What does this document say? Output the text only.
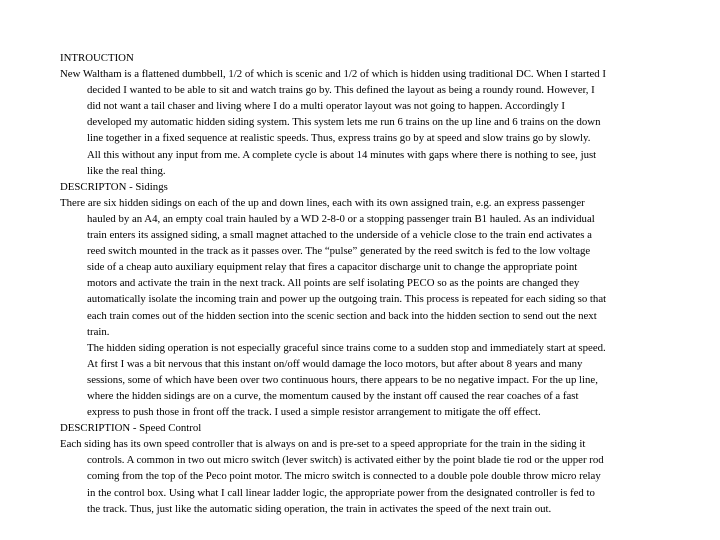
INTROUCTION
New Waltham is a flattened dumbbell, 1/2 of which is scenic and 1/2 of which is hidden using traditional DC. When I started I
decided I wanted to be able to sit and watch trains go by. This defined the layout as being a roundy round. However, I
did not want a tail chaser and living where I do a multi operator layout was not going to happen. Accordingly I
developed my automatic hidden siding system. This system lets me run 6 trains on the up line and 6 trains on the down
line together in a fixed sequence at realistic speeds. Thus, express trains go by at speed and slow trains go by slowly.
All this without any input from me. A complete cycle is about 14 minutes with gaps where there is nothing to see, just
like the real thing.
DESCRIPTON - Sidings
There are six hidden sidings on each of the up and down lines, each with its own assigned train, e.g. an express passenger
hauled by an A4, an empty coal train hauled by a WD 2-8-0 or a stopping passenger train B1 hauled. As an individual
train enters its assigned siding, a small magnet attached to the underside of a vehicle close to the train end activates a
reed switch mounted in the track as it passes over. The “pulse” generated by the reed switch is fed to the low voltage
side of a cheap auto auxiliary equipment relay that fires a capacitor discharge unit to change the appropriate point
motors and activate the train in the next track. All points are self isolating PECO so as the points are changed they
automatically isolate the incoming train and power up the outgoing train. This process is repeated for each siding so that
each train comes out of the hidden section into the scenic section and back into the hidden section to send out the next
train.
The hidden siding operation is not especially graceful since trains come to a sudden stop and immediately start at speed.
At first I was a bit nervous that this instant on/off would damage the loco motors, but after about 8 years and many
sessions, some of which have been over two continuous hours, there appears to be no negative impact. For the up line,
where the hidden sidings are on a curve, the momentum caused by the instant off caused the rear coaches of a fast
express to push those in front off the track. I used a simple resistor arrangement to mitigate the off effect.
DESCRIPTION - Speed Control
Each siding has its own speed controller that is always on and is pre-set to a speed appropriate for the train in the siding it
controls. A common in two out micro switch (lever switch) is activated either by the point blade tie rod or the upper rod
coming from the top of the Peco point motor. The micro switch is connected to a double pole double throw micro relay
in the control box. Using what I call linear ladder logic, the appropriate power from the designated controller is fed to
the track. Thus, just like the automatic siding operation, the train in activates the speed of the next train out.
